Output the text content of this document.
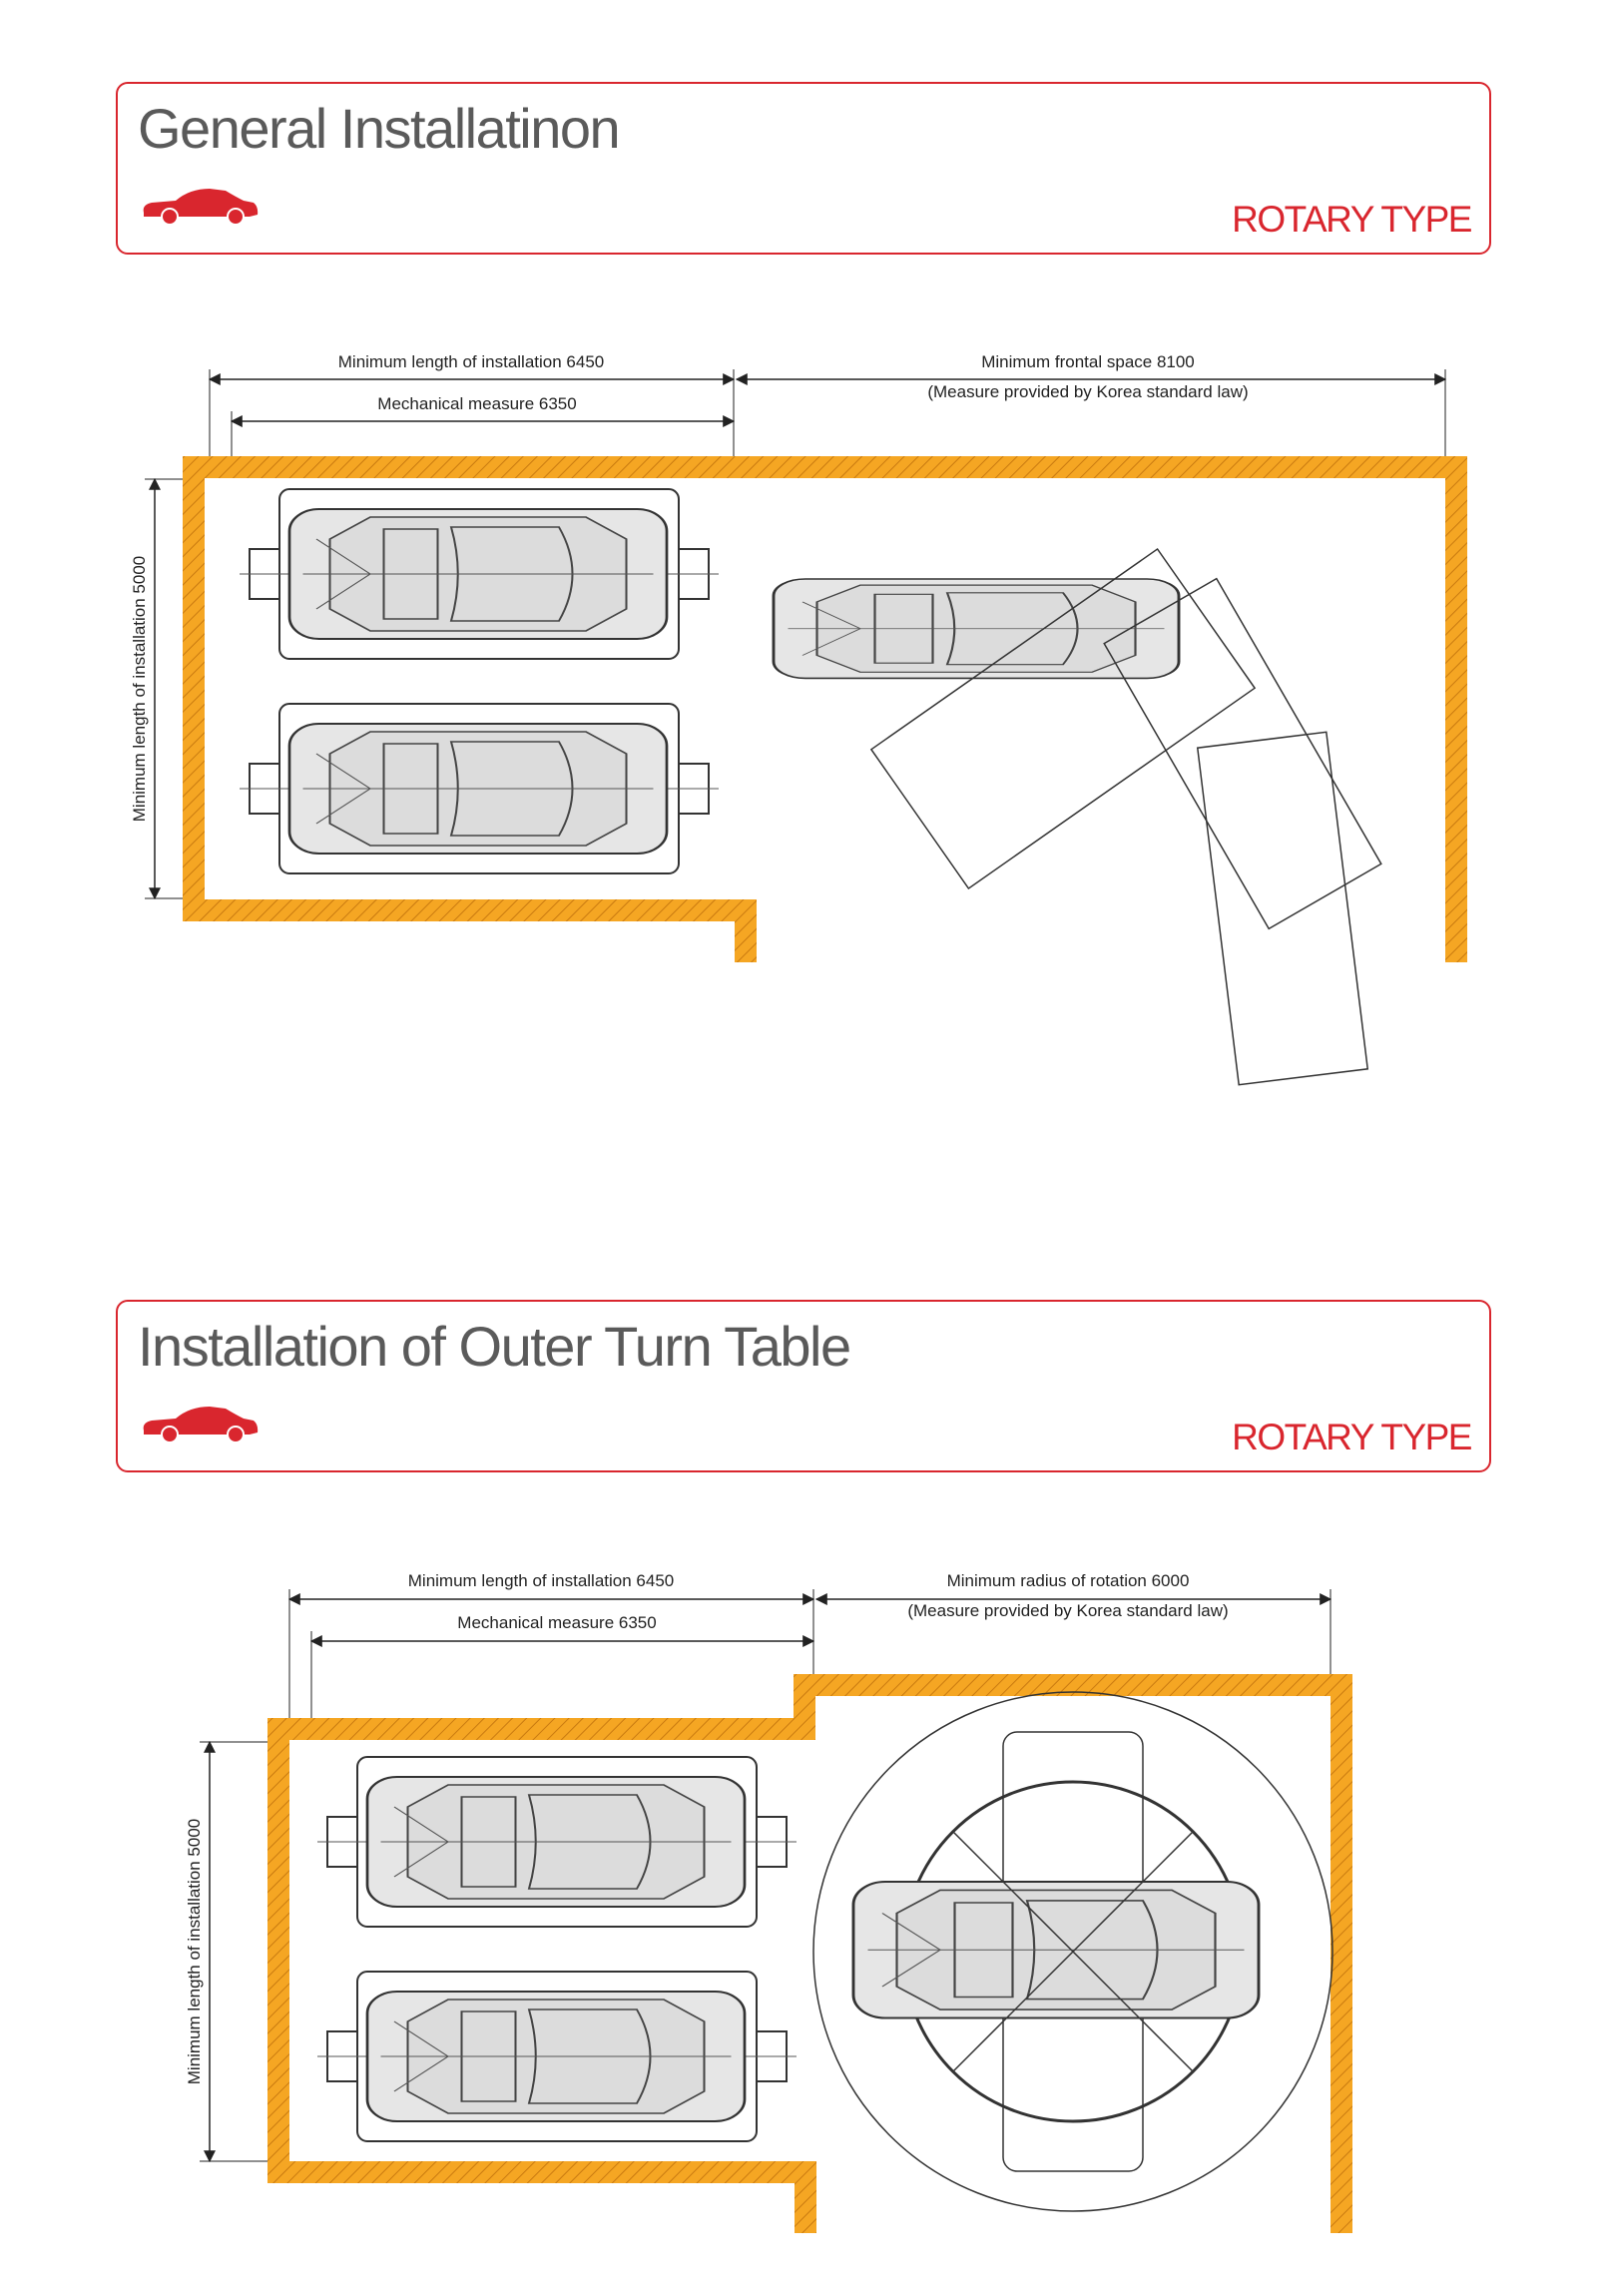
General Installatinon
ROTARY TYPE
Minimum length of installation 6450
Mechanical measure 6350
Minimum frontal space 8100
(Measure provided by Korea standard law)
Minimum length of installation 5000
Installation of Outer Turn Table
ROTARY TYPE
Minimum length of installation 6450
Mechanical measure 6350
Minimum radius of rotation 6000
(Measure provided by Korea standard law)
Minimum length of installation 5000
